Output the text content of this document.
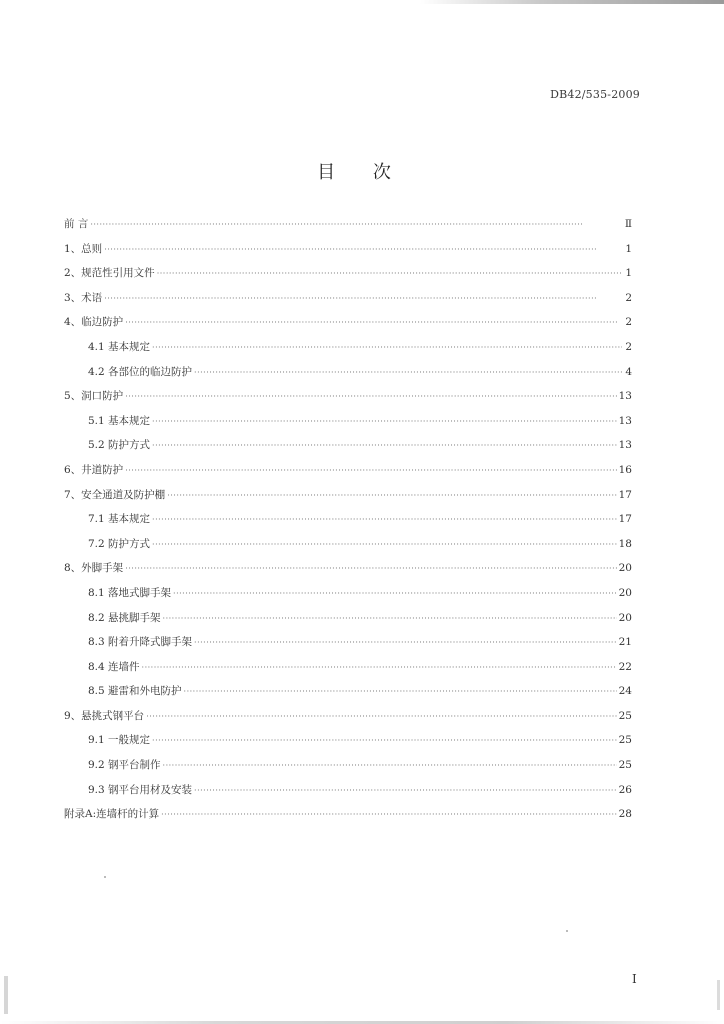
DB42/535-2009
目 次
前 言 ·····	Ⅱ
1、总则 ·····	1
2、规范性引用文件 ·····	1
3、术语 ·····	2
4、临边防护 ·····	2
4.1 基本规定 ·····	2
4.2 各部位的临边防护 ·····	4
5、洞口防护 ·····	13
5.1 基本规定 ·····	13
5.2 防护方式 ·····	13
6、井道防护 ·····	16
7、安全通道及防护棚 ·····	17
7.1 基本规定 ·····	17
7.2 防护方式 ·····	18
8、外脚手架 ·····	20
8.1 落地式脚手架 ·····	20
8.2 悬挑脚手架 ·····	20
8.3 附着升降式脚手架 ·····	21
8.4 连墙件 ·····	22
8.5 避雷和外电防护 ·····	24
9、悬挑式钢平台 ·····	25
9.1 一般规定 ·····	25
9.2 钢平台制作 ·····	25
9.3 钢平台用材及安装 ·····	26
附录A:连墙杆的计算 ·····	28
I
